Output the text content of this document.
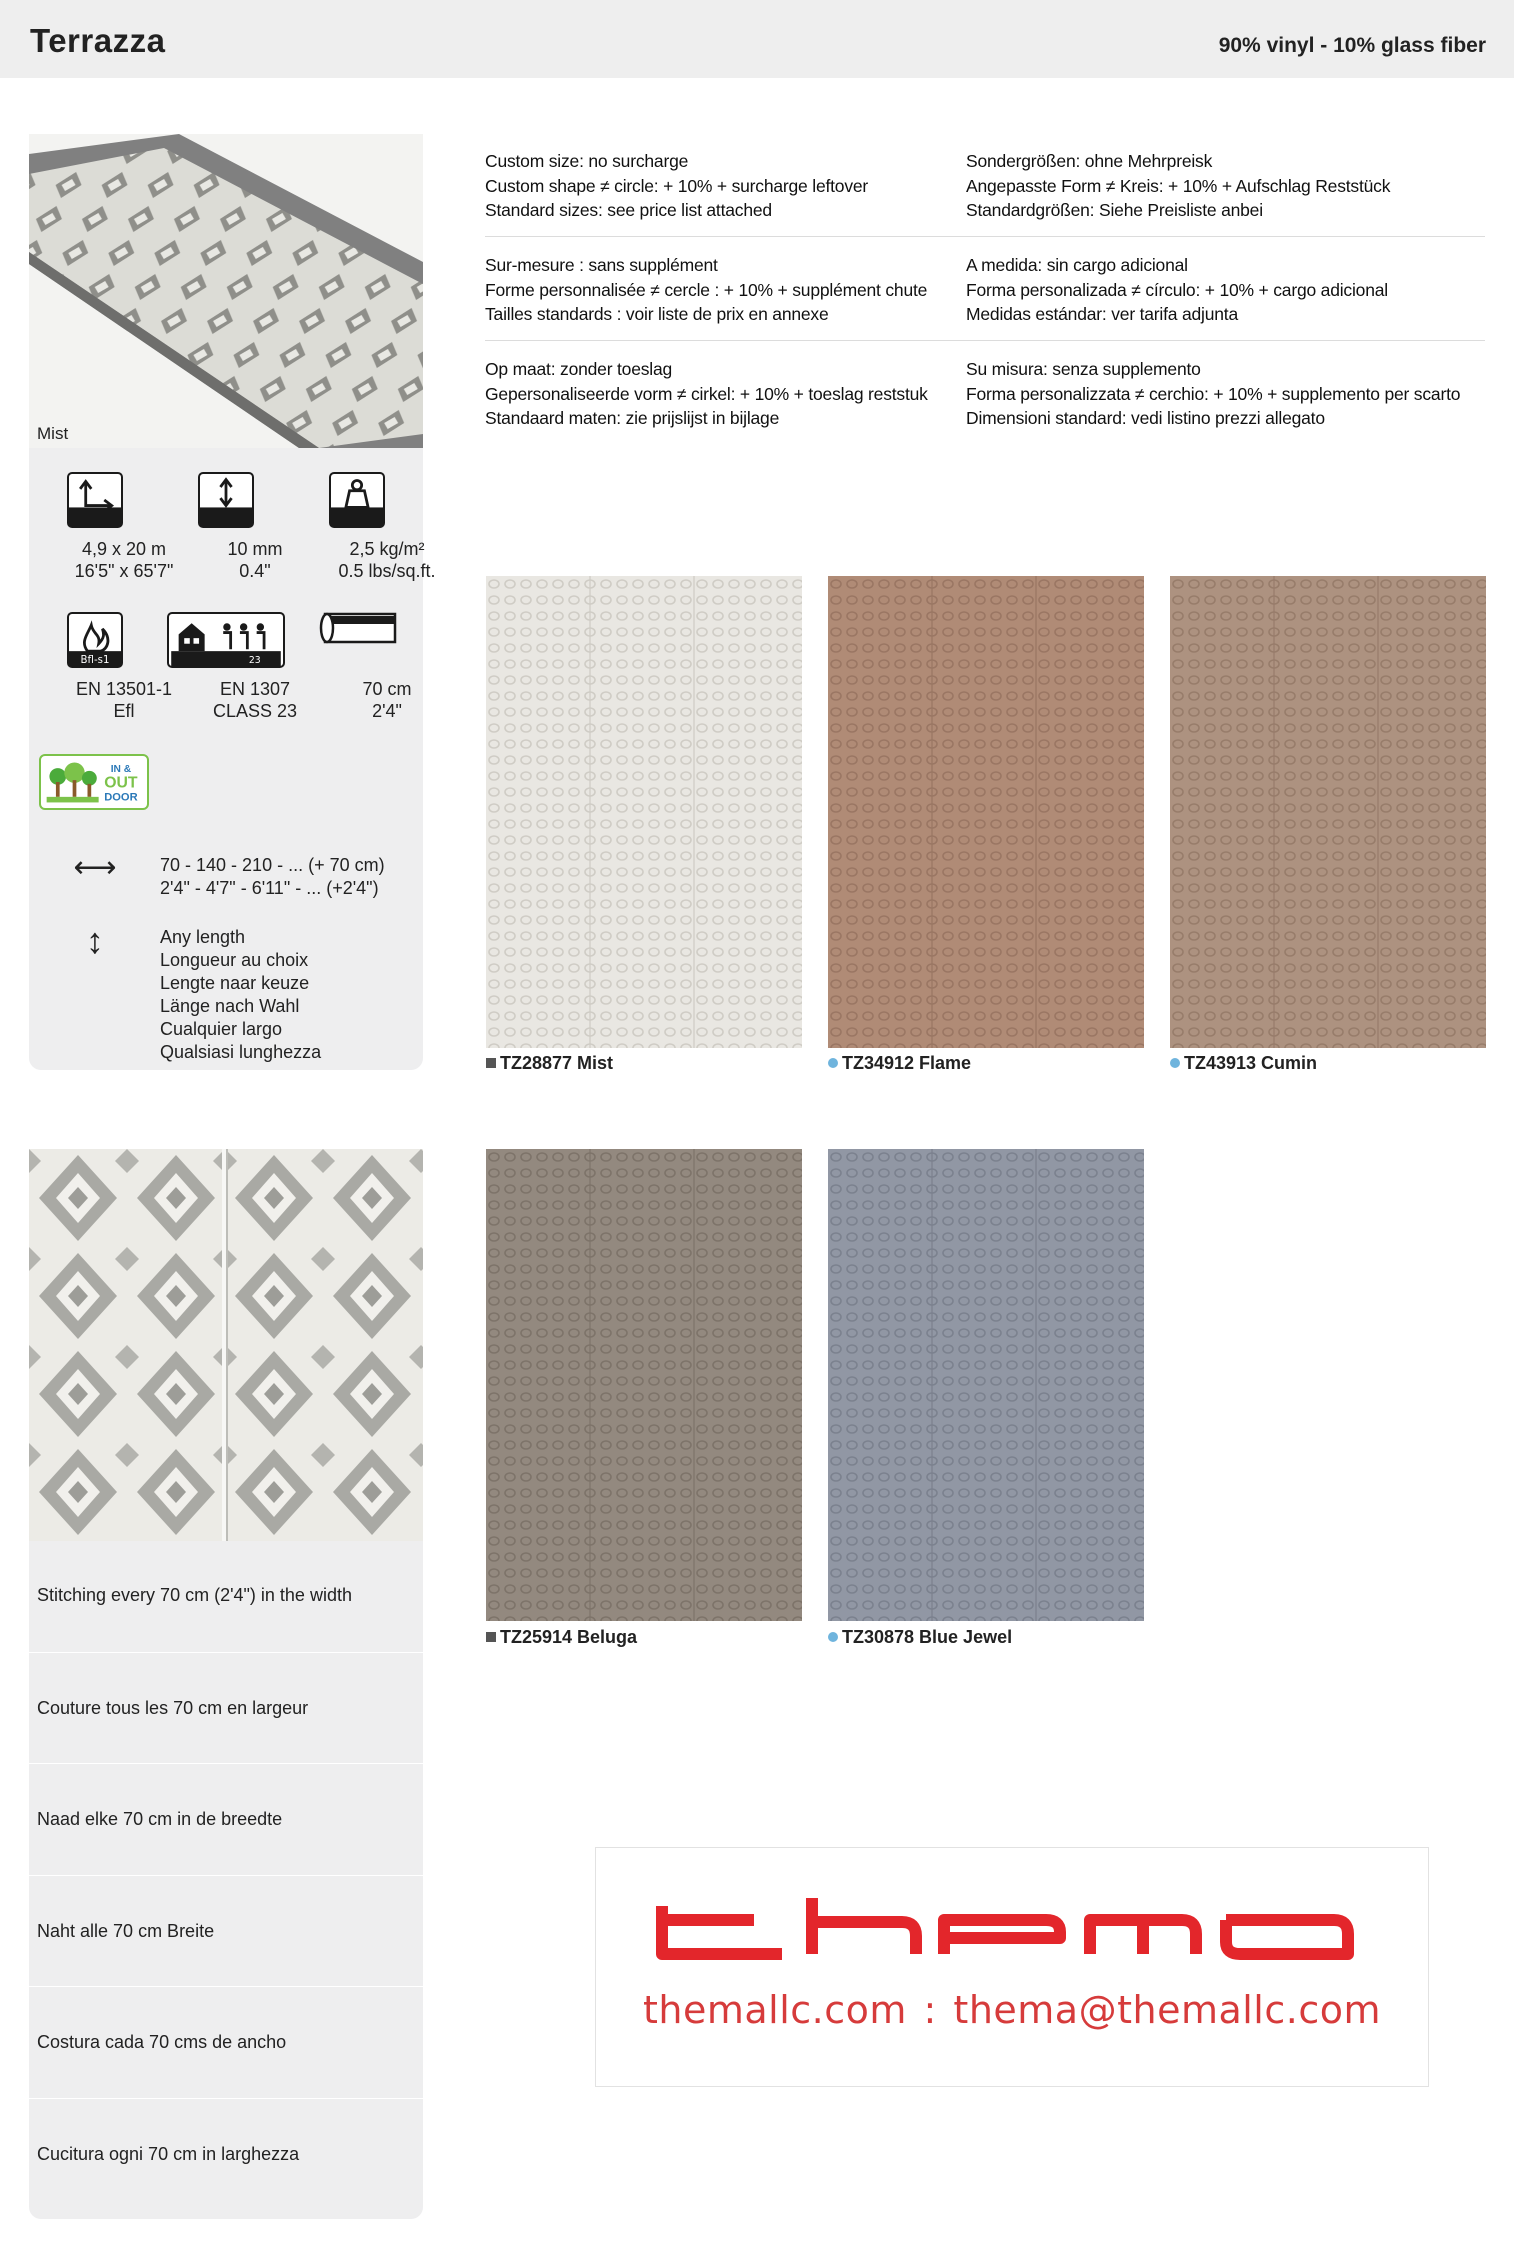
Terrazza	90% vinyl - 10% glass fiber
Mist
4,9 x 20 m
16'5" x 65'7"
10 mm
0.4"
2,5 kg/m²
0.5 lbs/sq.ft.
Bfl-s1	23
EN 13501-1
Efl
EN 1307
CLASS 23
70 cm
2'4"
IN &
OUT
DOOR
⟷ 70 - 140 - 210 - ... (+ 70 cm)
2'4" - 4'7" - 6'11" - ... (+2'4")
↕	Any length
Longueur au choix
Lengte naar keuze
Länge nach Wahl
Cualquier largo
Qualsiasi lunghezza
Custom size: no surcharge
Custom shape ≠ circle: + 10% + surcharge leftover
Standard sizes: see price list attached
Sondergrößen: ohne Mehrpreisk
Angepasste Form ≠ Kreis: + 10% + Aufschlag Reststück
Standardgrößen: Siehe Preisliste anbei
Sur-mesure : sans supplément
Forme personnalisée ≠ cercle : + 10% + supplément chute
Tailles standards : voir liste de prix en annexe
A medida: sin cargo adicional
Forma personalizada ≠ círculo: + 10% + cargo adicional
Medidas estándar: ver tarifa adjunta
Op maat: zonder toeslag
Gepersonaliseerde vorm ≠ cirkel: + 10% + toeslag reststuk
Standaard maten: zie prijslijst in bijlage
Su misura: senza supplemento
Forma personalizzata ≠ cerchio: + 10% + supplemento per scarto
Dimensioni standard: vedi listino prezzi allegato
TZ28877 Mist	TZ34912 Flame	TZ43913 Cumin
TZ25914 Beluga	TZ30878 Blue Jewel
Stitching every 70 cm (2'4") in the width
Couture tous les 70 cm en largeur
Naad elke 70 cm in de breedte
Naht alle 70 cm Breite
Costura cada 70 cms de ancho
Cucitura ogni 70 cm in larghezza
themallc.com : thema@themallc.com
